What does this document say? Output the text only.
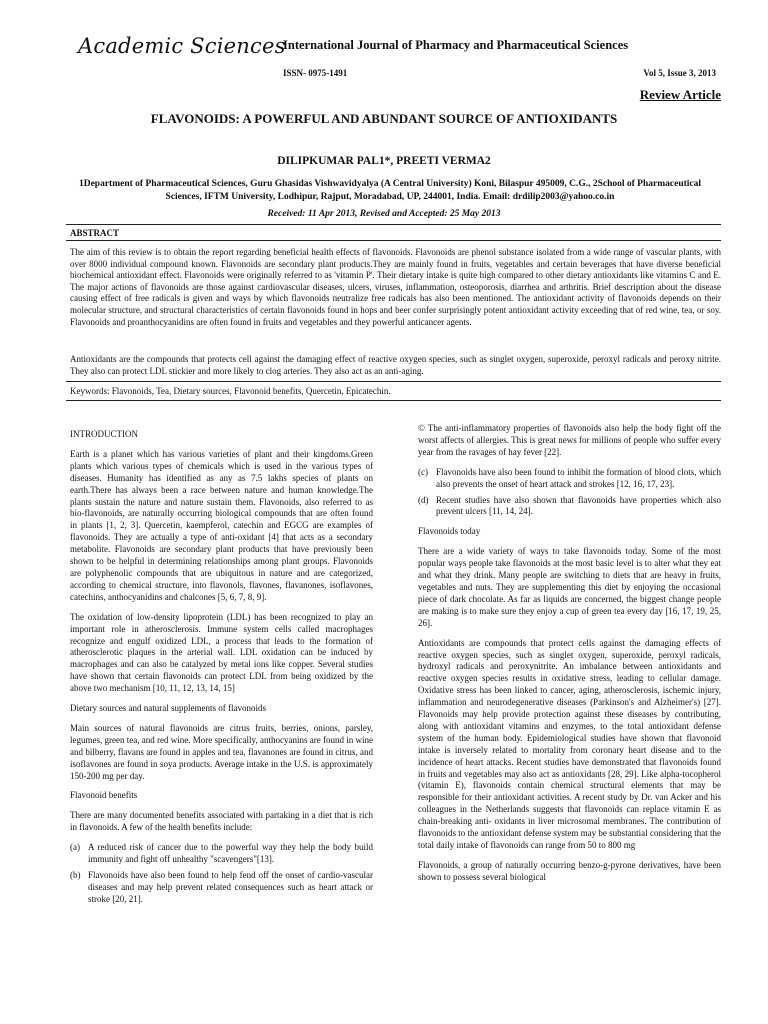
Academic Sciences
International Journal of Pharmacy and Pharmaceutical Sciences
ISSN- 0975-1491	Vol 5, Issue 3, 2013
Review Article
FLAVONOIDS: A POWERFUL AND ABUNDANT SOURCE OF ANTIOXIDANTS
DILIPKUMAR PAL1*, PREETI VERMA2
1Department of Pharmaceutical Sciences, Guru Ghasidas Vishwavidyalya (A Central University) Koni, Bilaspur 495009, C.G., 2School of Pharmaceutical Sciences, IFTM University, Lodhipur, Rajput, Moradabad, UP, 244001, India. Email: drdilip2003@yahoo.co.in
Received: 11 Apr 2013, Revised and Accepted: 25 May 2013
ABSTRACT
The aim of this review is to obtain the report regarding beneficial health effects of flavonoids. Flavonoids are phenol substance isolated from a wide range of vascular plants, with over 8000 individual compound known. Flavonoids are secondary plant products.They are mainly found in fruits, vegetables and certain beverages that have diverse beneficial biochemical antioxidant effect. Flavonoids were originally referred to as 'vitamin P'. Their dietary intake is quite high compared to other dietary antioxidants like vitamins C and E. The major actions of flavonoids are those against cardiovascular diseases, ulcers, viruses, inflammation, osteoporosis, diarrhea and arthritis. Brief description about the disease causing effect of free radicals is given and ways by which flavonoids neutralize free radicals has also been mentioned. The antioxidant activity of flavonoids depends on their molecular structure, and structural characteristics of certain flavonoids found in hops and beer confer surprisingly potent antioxidant activity exceeding that of red wine, tea, or soy. Flavonoids and proanthocyanidins are often found in fruits and vegetables and they powerful anticancer agents.
Antioxidants are the compounds that protects cell against the damaging effect of reactive oxygen species, such as singlet oxygen, superoxide, peroxyl radicals and peroxy nitrite. They also can protect LDL stickier and more likely to clog arteries. They also act as an anti-aging.
Keywords: Flavonoids, Tea, Dietary sources, Flavonoid benefits, Quercetin, Epicatechin.

INTRODUCTION

Earth is a planet which has various varieties of plant and their kingdoms.Green plants which various types of chemicals which is used in the various types of diseases. Humanity has identified as any as 7.5 lakhs species of plants on earth.There has always been a race between nature and human knowledge.The plants sustain the nature and nature sustain them. Flavonoids, also referred to as bio-flavonoids, are naturally occurring biological compounds that are often found in plants [1, 2, 3]. Quercetin, kaempferol, catechin and EGCG are examples of flavonoids. They are actually a type of anti-oxidant [4] that acts as a secondary metabolite. Flavonoids are secondary plant products that have previously been shown to be helpful in determining relationships among plant groups. Flavonoids are polyphenolic compounds that are ubiquitous in nature and are categorized, according to chemical structure, into flavonols, flavones, flavanones, isoflavones, catechins, anthocyanidins and chalcones [5, 6, 7, 8, 9].

The oxidation of low-density lipoprotein (LDL) has been recognized to play an important role in atherosclerosis. Immune system cells called macrophages recognize and engulf oxidized LDL, a process that leads to the formation of atherosclerotic plaques in the arterial wall. LDL oxidation can be induced by macrophages and can also be catalyzed by metal ions like copper. Several studies have shown that certain flavonoids can protect LDL from being oxidized by the above two mechanism [10, 11, 12, 13, 14, 15]

Dietary sources and natural supplements of flavonoids

Main sources of natural flavonoids are citrus fruits, berries, onions, parsley, legumes, green tea, and red wine. More specifically, anthocyanins are found in wine and bilberry, flavans are found in apples and tea, flavanones are found in citrus, and isoflavones are found in soya products. Average intake in the U.S. is approximately 150-200 mg per day.

Flavonoid benefits

There are many documented benefits associated with partaking in a diet that is rich in flavonoids. A few of the health benefits include:

(a) A reduced risk of cancer due to the powerful way they help the body build immunity and fight off unhealthy "scavengers"[13].
(b) Flavonoids have also been found to help fend off the onset of cardio-vascular diseases and may help prevent related consequences such as heart attack or stroke [20, 21].

© The anti-inflammatory properties of flavonoids also help the body fight off the worst affects of allergies. This is great news for millions of people who suffer every year from the ravages of hay fever [22].

(c) Flavonoids have also been found to inhibit the formation of blood clots, which also prevents the onset of heart attack and strokes [12, 16, 17, 23].
(d) Recent studies have also shown that flavonoids have properties which also prevent ulcers [11, 14, 24].

Flavonoids today

There are a wide variety of ways to take flavonoids today. Some of the most popular ways people take flavonoids at the most basic level is to alter what they eat and what they drink. Many people are switching to diets that are heavy in fruits, vegetables and nuts. They are supplementing this diet by enjoying the occasional piece of dark chocolate. As far as liquids are concerned, the biggest change people are making is to make sure they enjoy a cup of green tea every day [16, 17, 19, 25, 26].

Antioxidants are compounds that protect cells against the damaging effects of reactive oxygen species, such as singlet oxygen, superoxide, peroxyl radicals, hydroxyl radicals and peroxynitrite. An imbalance between antioxidants and reactive oxygen species results in oxidative stress, leading to cellular damage. Oxidative stress has been linked to cancer, aging, atherosclerosis, ischemic injury, inflammation and neurodegenerative diseases (Parkinson's and Alzheimer's) [27]. Flavonoids may help provide protection against these diseases by contributing, along with antioxidant vitamins and enzymes, to the total antioxidant defense system of the human body. Epidemiological studies have shown that flavonoid intake is inversely related to mortality from coronary heart disease and to the incidence of heart attacks. Recent studies have demonstrated that flavonoids found in fruits and vegetables may also act as antioxidants [28, 29]. Like alpha-tocopherol (vitamin E), flavonoids contain chemical structural elements that may be responsible for their antioxidant activities. A recent study by Dr. van Acker and his colleagues in the Netherlands suggests that flavonoids can replace vitamin E as chain-breaking anti- oxidants in liver microsomal membranes. The contribution of flavonoids to the antioxidant defense system may be substantial considering that the total daily intake of flavonoids can range from 50 to 800 mg

Flavonoids, a group of naturally occurring benzo-g-pyrone derivatives, have been shown to possess several biological
